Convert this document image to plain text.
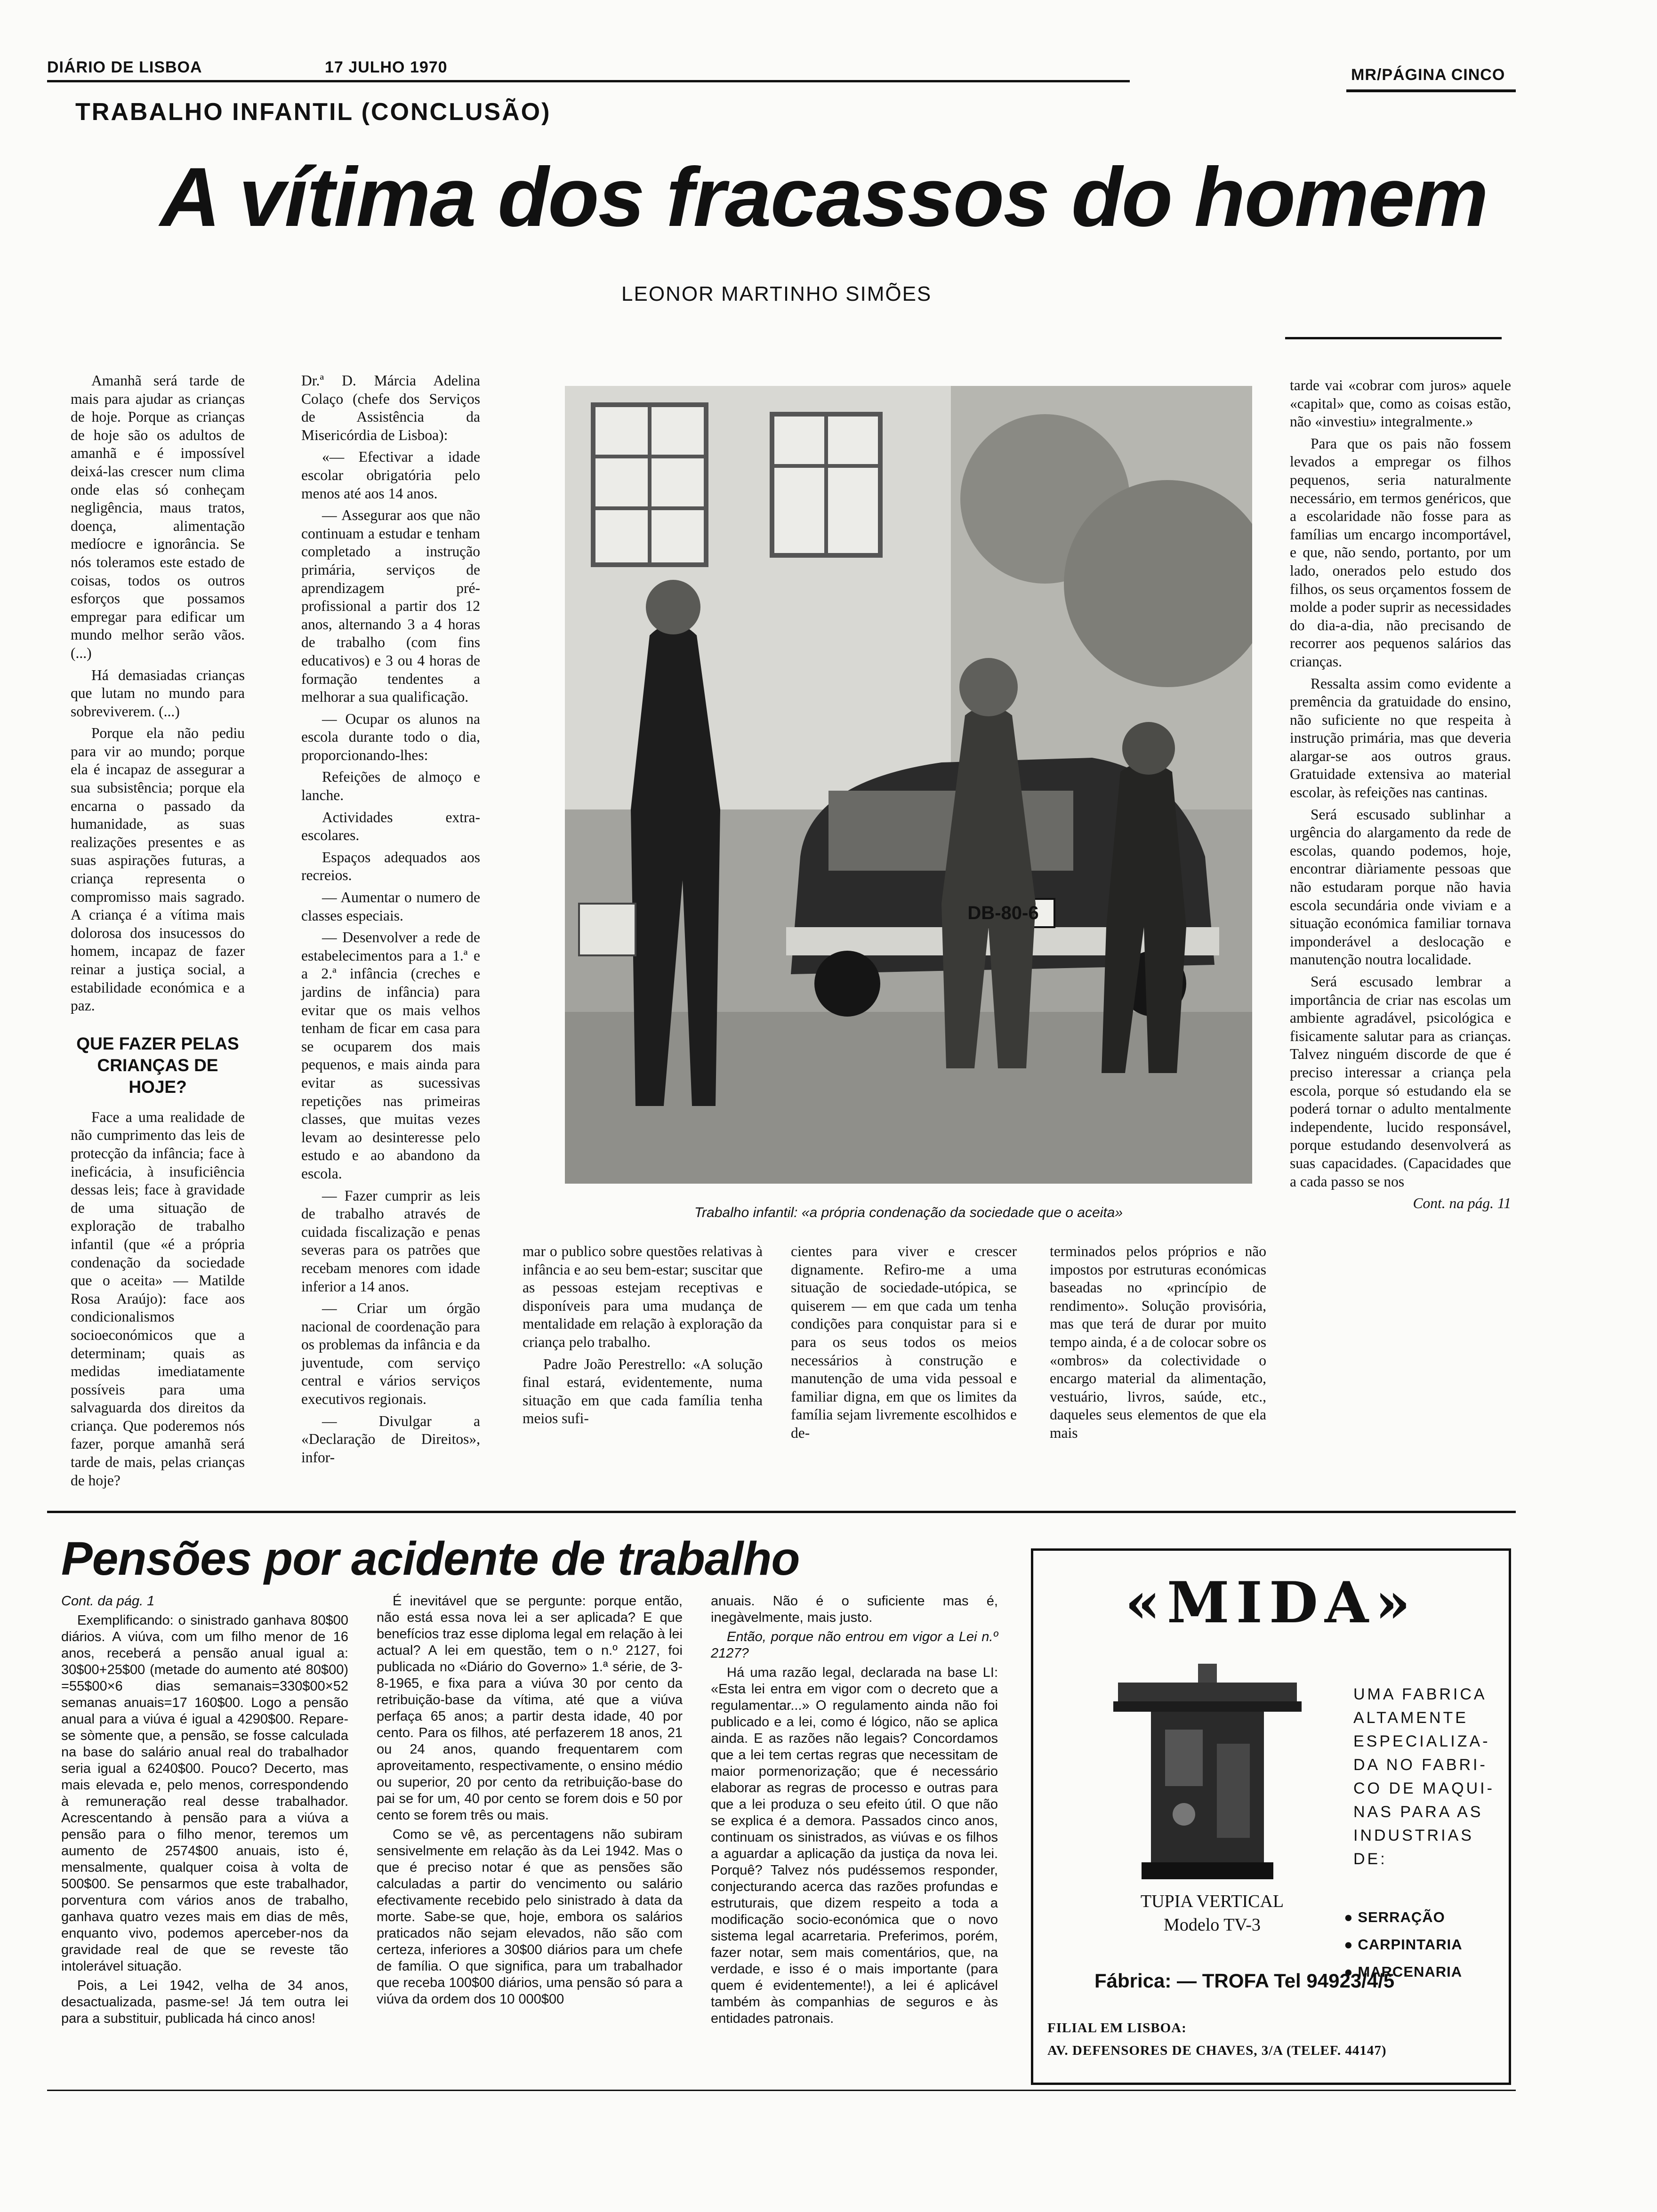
DIÁRIO DE LISBOA	17 JULHO 1970	MR/PÁGINA CINCO
TRABALHO INFANTIL (CONCLUSÃO)
A vítima dos fracassos do homem
LEONOR MARTINHO SIMÕES

Amanhã será tarde de mais para ajudar as crianças de hoje. Porque as crianças de hoje são os adultos de amanhã e é impossível deixá-las crescer num clima onde elas só conheçam negligência, maus tratos, doença, alimentação medíocre e ignorância. Se nós toleramos este estado de coisas, todos os outros esforços que possamos empregar para edificar um mundo melhor serão vãos. (...)

Há demasiadas crianças que lutam no mundo para sobreviverem. (...)

Porque ela não pediu para vir ao mundo; porque ela é incapaz de assegurar a sua subsistência; porque ela encarna o passado da humanidade, as suas realizações presentes e as suas aspirações futuras, a criança representa o compromisso mais sagrado. A criança é a vítima mais dolorosa dos insucessos do homem, incapaz de fazer reinar a justiça social, a estabilidade económica e a paz.

QUE FAZER PELAS CRIANÇAS DE HOJE?

Face a uma realidade de não cumprimento das leis de protecção da infância; face à ineficácia, à insuficiência dessas leis; face à gravidade de uma situação de exploração de trabalho infantil (que «é a própria condenação da sociedade que o aceita» — Matilde Rosa Araújo): face aos condicionalismos socioeconómicos que a determinam; quais as medidas imediatamente possíveis para uma salvaguarda dos direitos da criança. Que poderemos nós fazer, porque amanhã será tarde de mais, pelas crianças de hoje?

Dr.ª D. Márcia Adelina Colaço (chefe dos Serviços de Assistência da Misericórdia de Lisboa):

«— Efectivar a idade escolar obrigatória pelo menos até aos 14 anos.

— Assegurar aos que não continuam a estudar e tenham completado a instrução primária, serviços de aprendizagem pré-profissional a partir dos 12 anos, alternando 3 a 4 horas de trabalho (com fins educativos) e 3 ou 4 horas de formação tendentes a melhorar a sua qualificação.

— Ocupar os alunos na escola durante todo o dia, proporcionando-lhes:

Refeições de almoço e lanche.

Actividades extra-escolares.

Espaços adequados aos recreios.

— Aumentar o numero de classes especiais.

— Desenvolver a rede de estabelecimentos para a 1.ª e a 2.ª infância (creches e jardins de infância) para evitar que os mais velhos tenham de ficar em casa para se ocuparem dos mais pequenos, e mais ainda para evitar as sucessivas repetições nas primeiras classes, que muitas vezes levam ao desinteresse pelo estudo e ao abandono da escola.

— Fazer cumprir as leis de trabalho através de cuidada fiscalização e penas severas para os patrões que recebam menores com idade inferior a 14 anos.

— Criar um órgão nacional de coordenação para os problemas da infância e da juventude, com serviço central e vários serviços executivos regionais.

— Divulgar a «Declaração de Direitos», infor-

DB-80-6
Trabalho infantil: «a própria condenação da sociedade que o aceita»

mar o publico sobre questões relativas à infância e ao seu bem-estar; suscitar que as pessoas estejam receptivas e disponíveis para uma mudança de mentalidade em relação à exploração da criança pelo trabalho.

Padre João Perestrello: «A solução final estará, evidentemente, numa situação em que cada família tenha meios sufi-

cientes para viver e crescer dignamente. Refiro-me a uma situação de sociedade-utópica, se quiserem — em que cada um tenha condições para conquistar para si e para os seus todos os meios necessários à construção e manutenção de uma vida pessoal e familiar digna, em que os limites da família sejam livremente escolhidos e de-

terminados pelos próprios e não impostos por estruturas económicas baseadas no «princípio de rendimento». Solução provisória, mas que terá de durar por muito tempo ainda, é a de colocar sobre os «ombros» da colectividade o encargo material da alimentação, vestuário, livros, saúde, etc., daqueles seus elementos de que ela mais

tarde vai «cobrar com juros» aquele «capital» que, como as coisas estão, não «investiu» integralmente.»

Para que os pais não fossem levados a empregar os filhos pequenos, seria naturalmente necessário, em termos genéricos, que a escolaridade não fosse para as famílias um encargo incomportável, e que, não sendo, portanto, por um lado, onerados pelo estudo dos filhos, os seus orçamentos fossem de molde a poder suprir as necessidades do dia-a-dia, não precisando de recorrer aos pequenos salários das crianças.

Ressalta assim como evidente a premência da gratuidade do ensino, não suficiente no que respeita à instrução primária, mas que deveria alargar-se aos outros graus. Gratuidade extensiva ao material escolar, às refeições nas cantinas.

Será escusado sublinhar a urgência do alargamento da rede de escolas, quando podemos, hoje, encontrar diàriamente pessoas que não estudaram porque não havia escola secundária onde viviam e a situação económica familiar tornava imponderável a deslocação e manutenção noutra localidade.

Será escusado lembrar a importância de criar nas escolas um ambiente agradável, psicológica e fisicamente salutar para as crianças. Talvez ninguém discorde de que é preciso interessar a criança pela escola, porque só estudando ela se poderá tornar o adulto mentalmente independente, lucido responsável, porque estudando desenvolverá as suas capacidades. (Capacidades que a cada passo se nos

Cont. na pág. 11

Pensões por acidente de trabalho

Cont. da pág. 1

Exemplificando: o sinistrado ganhava 80$00 diários. A viúva, com um filho menor de 16 anos, receberá a pensão anual igual a: 30$00+25$00 (metade do aumento até 80$00) =55$00×6 dias semanais=330$00×52 semanas anuais=17 160$00. Logo a pensão anual para a viúva é igual a 4290$00. Repare-se sòmente que, a pensão, se fosse calculada na base do salário anual real do trabalhador seria igual a 6240$00. Pouco? Decerto, mas mais elevada e, pelo menos, correspondendo à remuneração real desse trabalhador. Acrescentando à pensão para a viúva a pensão para o filho menor, teremos um aumento de 2574$00 anuais, isto é, mensalmente, qualquer coisa à volta de 500$00. Se pensarmos que este trabalhador, porventura com vários anos de trabalho, ganhava quatro vezes mais em dias de mês, enquanto vivo, podemos aperceber-nos da gravidade real de que se reveste tão intolerável situação.

Pois, a Lei 1942, velha de 34 anos, desactualizada, pasme-se! Já tem outra lei para a substituir, publicada há cinco anos!

É inevitável que se pergunte: porque então, não está essa nova lei a ser aplicada? E que benefícios traz esse diploma legal em relação à lei actual? A lei em questão, tem o n.º 2127, foi publicada no «Diário do Governo» 1.ª série, de 3-8-1965, e fixa para a viúva 30 por cento da retribuição-base da vítima, até que a viúva perfaça 65 anos; a partir desta idade, 40 por cento. Para os filhos, até perfazerem 18 anos, 21 ou 24 anos, quando frequentarem com aproveitamento, respectivamente, o ensino médio ou superior, 20 por cento da retribuição-base do pai se for um, 40 por cento se forem dois e 50 por cento se forem três ou mais.

Como se vê, as percentagens não subiram sensivelmente em relação às da Lei 1942. Mas o que é preciso notar é que as pensões são calculadas a partir do vencimento ou salário efectivamente recebido pelo sinistrado à data da morte. Sabe-se que, hoje, embora os salários praticados não sejam elevados, não são com certeza, inferiores a 30$00 diários para um chefe de família. O que significa, para um trabalhador que receba 100$00 diários, uma pensão só para a viúva da ordem dos 10 000$00

anuais. Não é o suficiente mas é, inegàvelmente, mais justo.

Então, porque não entrou em vigor a Lei n.º 2127?

Há uma razão legal, declarada na base LI: «Esta lei entra em vigor com o decreto que a regulamentar...» O regulamento ainda não foi publicado e a lei, como é lógico, não se aplica ainda. E as razões não legais? Concordamos que a lei tem certas regras que necessitam de maior pormenorização; que é necessário elaborar as regras de processo e outras para que a lei produza o seu efeito útil. O que não se explica é a demora. Passados cinco anos, continuam os sinistrados, as viúvas e os filhos a aguardar a aplicação da justiça da nova lei. Porquê? Talvez nós pudéssemos responder, conjecturando acerca das razões profundas e estruturais, que dizem respeito a toda a modificação socio-económica que o novo sistema legal acarretaria. Preferimos, porém, fazer notar, sem mais comentários, que, na verdade, e isso é o mais importante (para quem é evidentemente!), a lei é aplicável também às companhias de seguros e às entidades patronais.

«MIDA»
UMA FABRICA
ALTAMENTE
ESPECIALIZA-
DA NO FABRI-
CO DE MAQUI-
NAS PARA AS
INDUSTRIAS
DE:
● SERRAÇÃO
● CARPINTARIA
● MARCENARIA
TUPIA VERTICAL
Modelo TV-3
Fábrica: — TROFA Tel 94923/4/5
FILIAL EM LISBOA:
AV. DEFENSORES DE CHAVES, 3/A (TELEF. 44147)
